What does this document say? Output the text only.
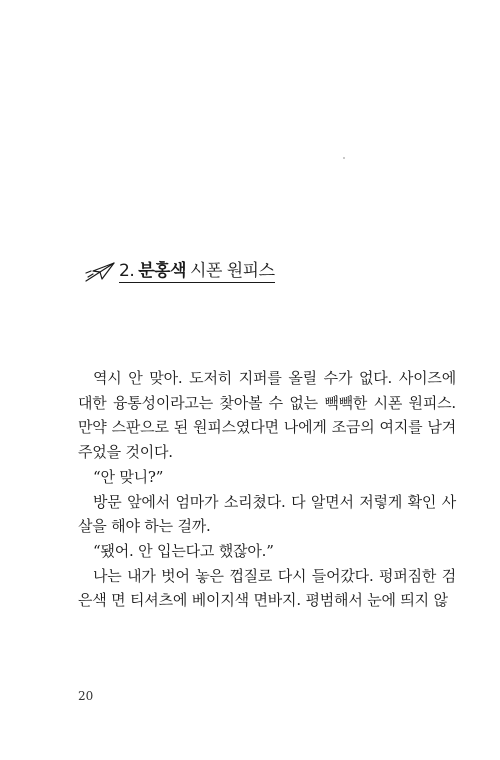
2. 분홍색 시폰 원피스

역시 안 맞아. 도저히 지퍼를 올릴 수가 없다. 사이즈에 대한 융통성이라고는 찾아볼 수 없는 빽빽한 시폰 원피스. 만약 스판으로 된 원피스였다면 나에게 조금의 여지를 남겨 주었을 것이다.

“안 맞니?”

방문 앞에서 엄마가 소리쳤다. 다 알면서 저렇게 확인 사살을 해야 하는 걸까.

“됐어. 안 입는다고 했잖아.”

나는 내가 벗어 놓은 껍질로 다시 들어갔다. 펑퍼짐한 검은색 면 티셔츠에 베이지색 면바지. 평범해서 눈에 띄지 않

20
